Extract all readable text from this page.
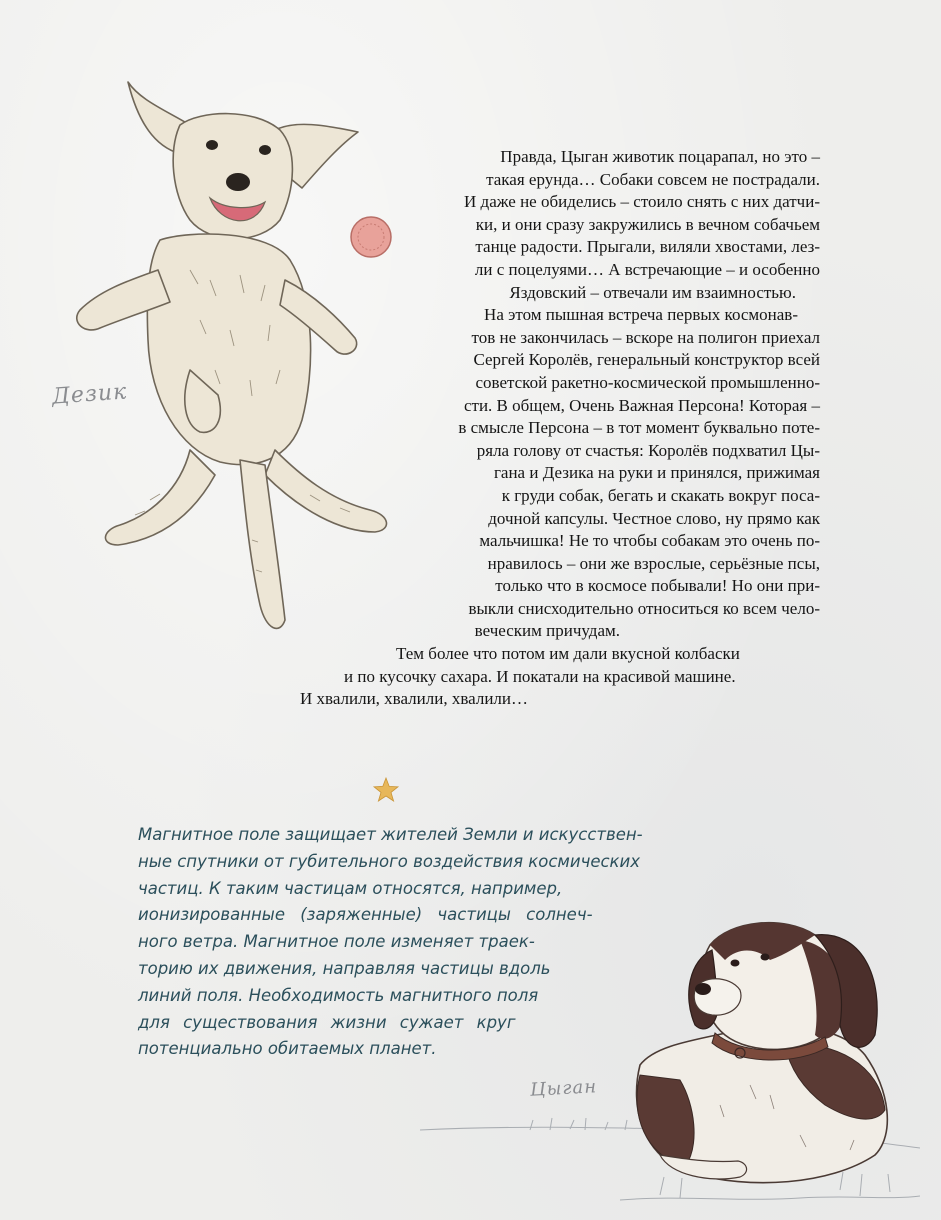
Дезик

Правда, Цыган животик поцарапал, но это –
такая ерунда… Собаки совсем не пострадали.
И даже не обиделись – стоило снять с них датчи-
ки, и они сразу закружились в вечном собачьем
танце радости. Прыгали, виляли хвостами, лез-
ли с поцелуями… А встречающие – и особенно
Яздовский – отвечали им взаимностью.

На этом пышная встреча первых космонав-
тов не закончилась – вскоре на полигон приехал
Сергей Королёв, генеральный конструктор всей
советской ракетно-космической промышленно-
сти. В общем, Очень Важная Персона! Которая –
в смысле Персона – в тот момент буквально поте-
ряла голову от счастья: Королёв подхватил Цы-
гана и Дезика на руки и принялся, прижимая
к груди собак, бегать и скакать вокруг поса-
дочной капсулы. Честное слово, ну прямо как
мальчишка! Не то чтобы собакам это очень по-
нравилось – они же взрослые, серьёзные псы,
только что в космосе побывали! Но они при-
выкли снисходительно относиться ко всем чело-
веческим причудам.

Тем более что потом им дали вкусной колбаски
и по кусочку сахара. И покатали на красивой машине.
И хвалили, хвалили, хвалили…

Магнитное поле защищает жителей Земли и искусствен-
ные спутники от губительного воздействия космических
частиц. К таким частицам относятся, например,
ионизированные (заряженные) частицы солнеч-
ного ветра. Магнитное поле изменяет траек-
торию их движения, направляя частицы вдоль
линий поля. Необходимость магнитного поля
для существования жизни сужает круг
потенциально обитаемых планет.
Цыган
